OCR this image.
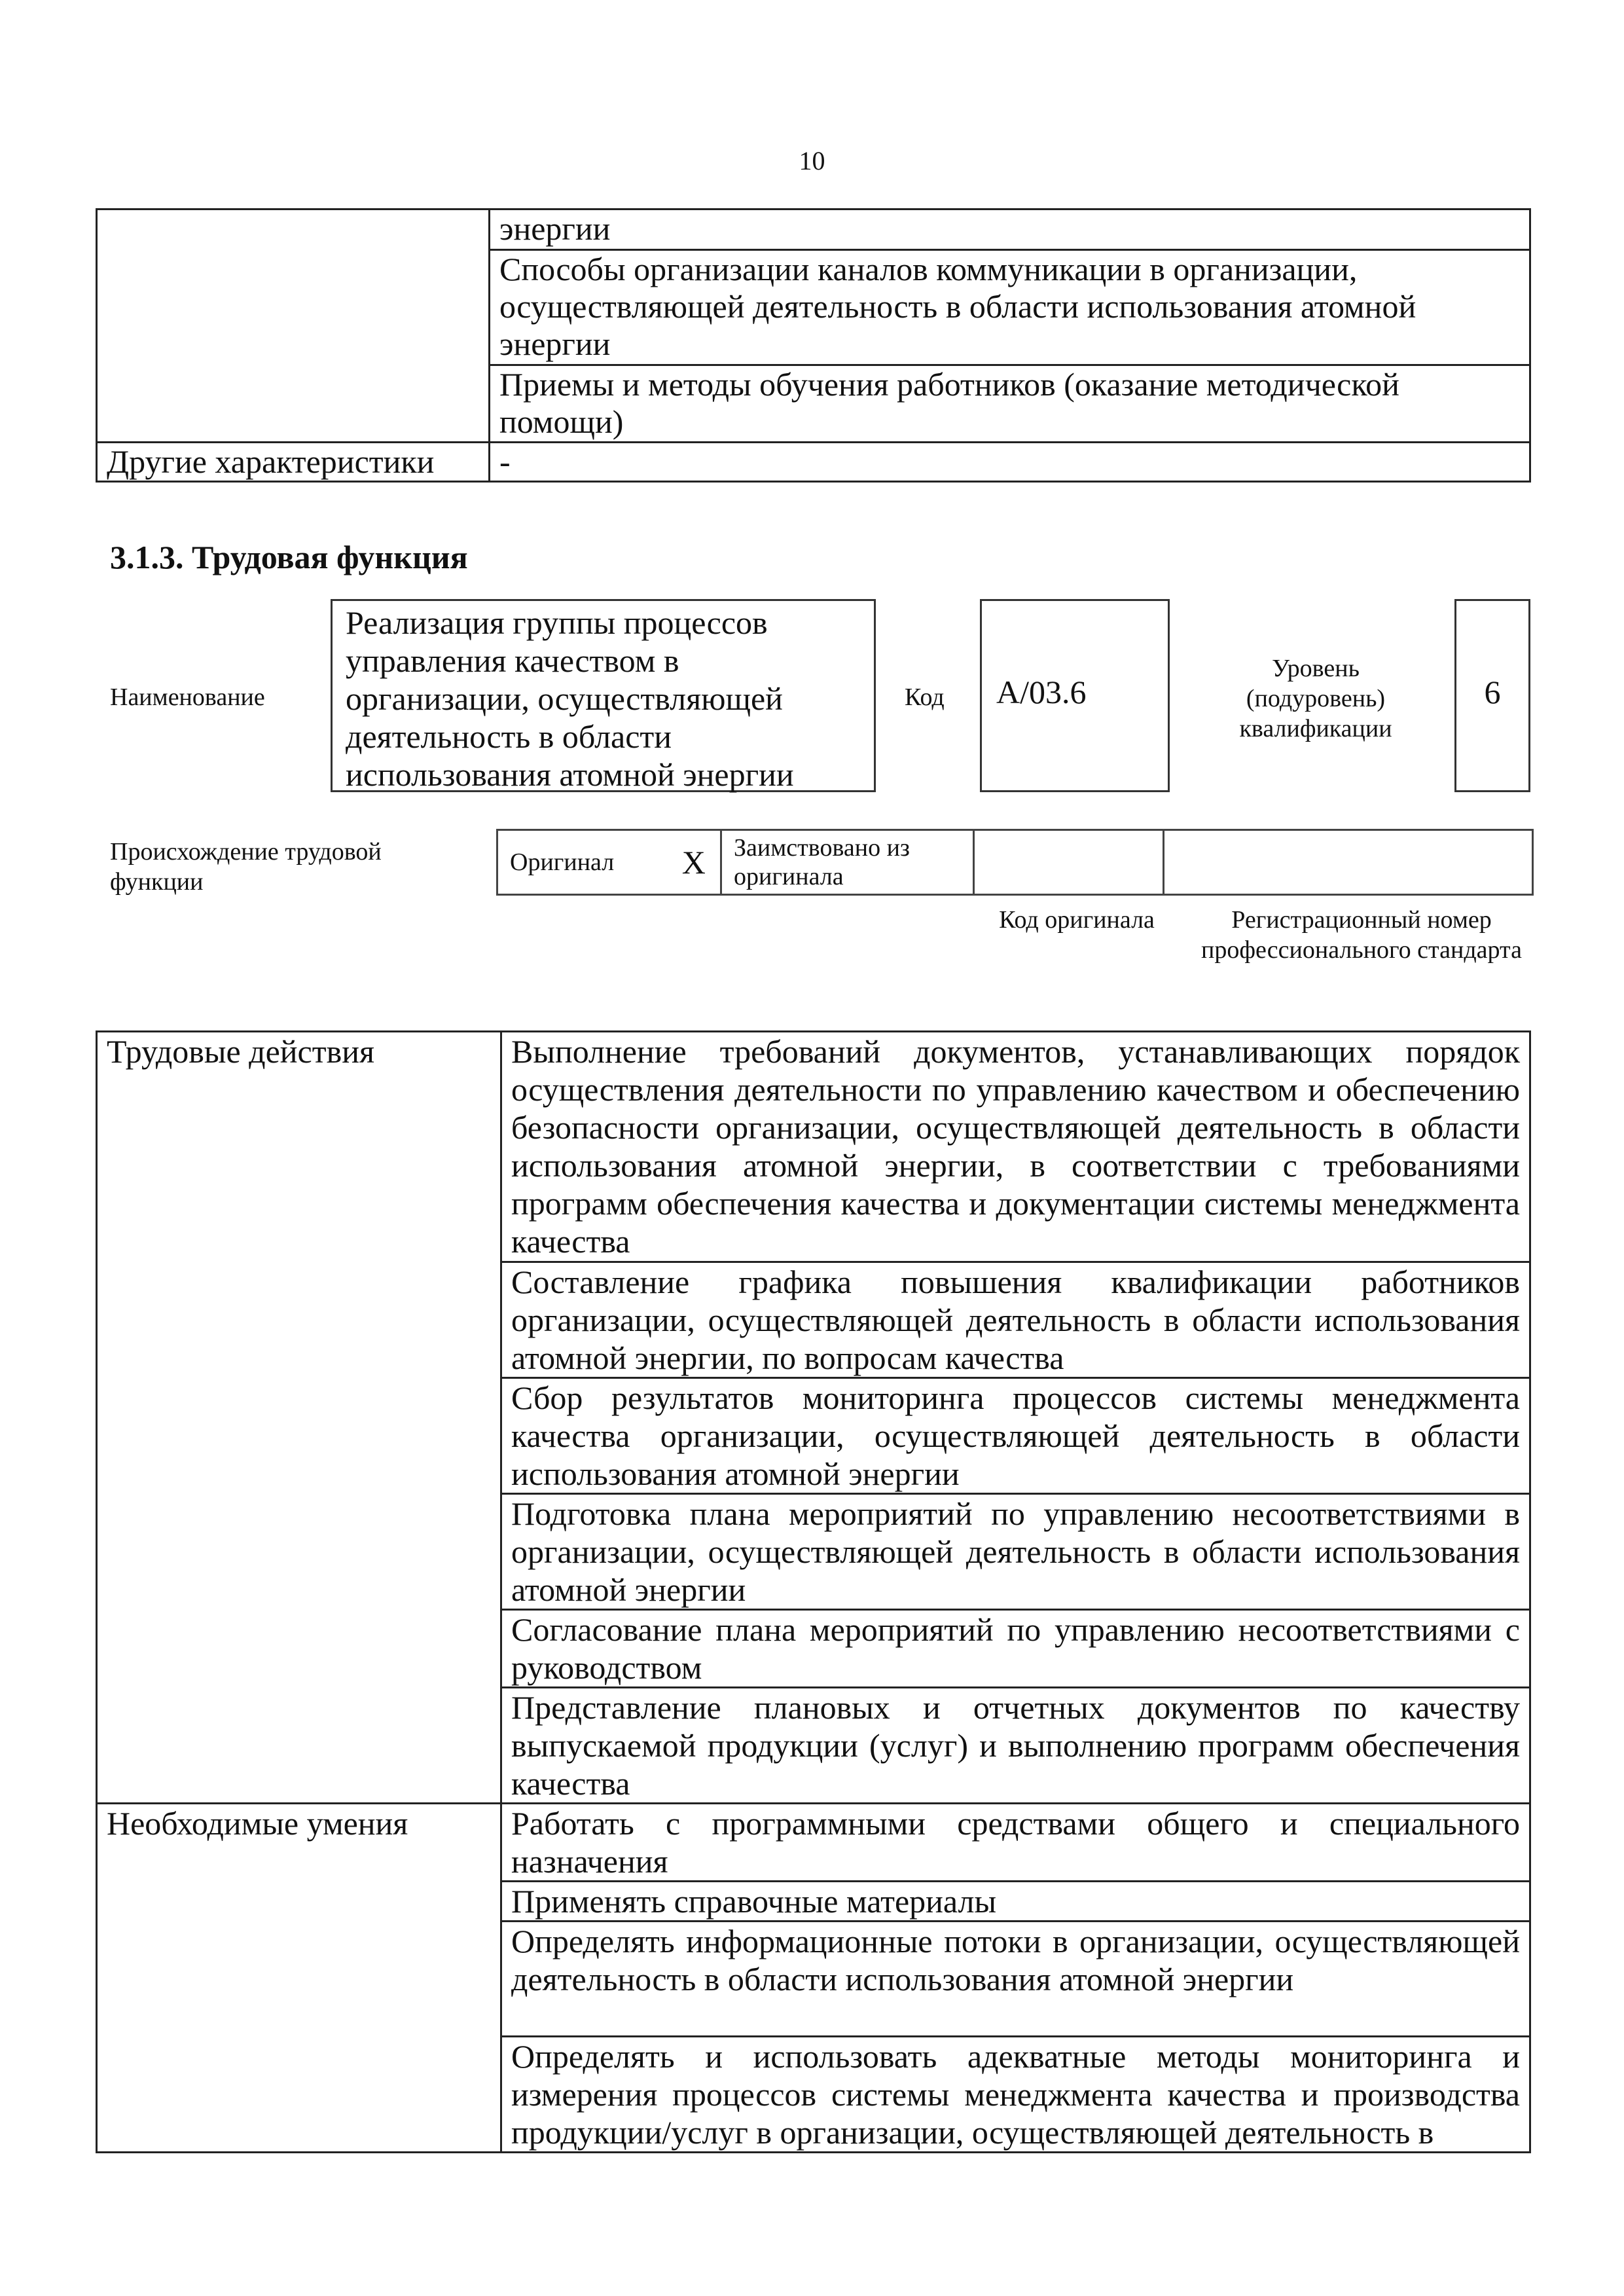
10
	энергии
	Способы организации каналов коммуникации в организации, осуществляющей деятельность в области использования атомной энергии
	Приемы и методы обучения работников (оказание методической помощи)
Другие характеристики	-
3.1.3. Трудовая функция
Наименование
Реализация группы процессов управления качеством в организации, осуществляющей деятельность в области использования атомной энергии
Код	A/03.6
Уровень (подуровень) квалификации
6
Происхождение трудовой функции
Оригинал	X	Заимствовано из оригинала		
Код оригинала	Регистрационный номер профессионального стандарта
Трудовые действия	Выполнение требований документов, устанавливающих порядок осуществления деятельности по управлению качеством и обеспечению безопасности организации, осуществляющей деятельность в области использования атомной энергии, в соответствии с требованиями программ обеспечения качества и документации системы менеджмента качества
	Составление графика повышения квалификации работников организации, осуществляющей деятельность в области использования атомной энергии, по вопросам качества
	Сбор результатов мониторинга процессов системы менеджмента качества организации, осуществляющей деятельность в области использования атомной энергии
	Подготовка плана мероприятий по управлению несоответствиями в организации, осуществляющей деятельность в области использования атомной энергии
	Согласование плана мероприятий по управлению несоответствиями с руководством
	Представление плановых и отчетных документов по качеству выпускаемой продукции (услуг) и выполнению программ обеспечения качества
Необходимые умения	Работать с программными средствами общего и специального назначения
	Применять справочные материалы
	Определять информационные потоки в организации, осуществляющей деятельность в области использования атомной энергии
	Определять и использовать адекватные методы мониторинга и измерения процессов системы менеджмента качества и производства продукции/услуг в организации, осуществляющей деятельность в
